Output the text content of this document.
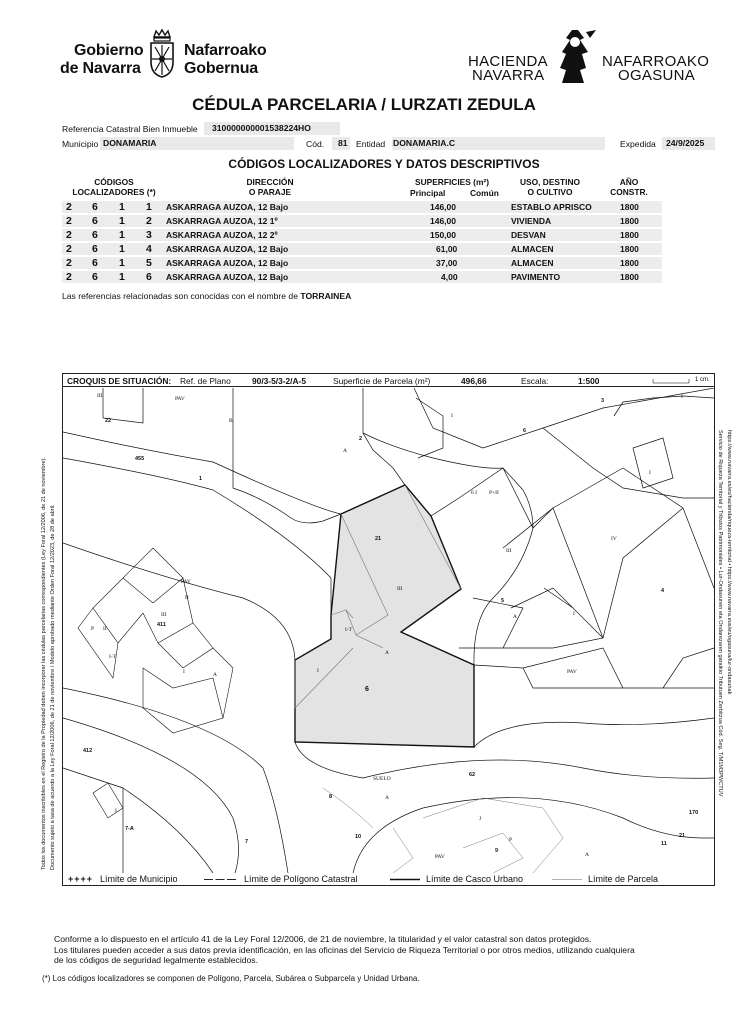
Gobierno
de Navarra
Nafarroako
Gobernua	HACIENDA
NAVARRA
NAFARROAKO
OGASUNA
CÉDULA PARCELARIA / LURZATI ZEDULA
Referencia Catastral Bien Inmueble 310000000001538224HO
Municipio DONAMARIA	Cód. 81 Entidad DONAMARIA.C	Expedida 24/9/2025
CÓDIGOS LOCALIZADORES Y DATOS DESCRIPTIVOS
CÓDIGOS
LOCALIZADORES (*)
DIRECCIÓN
O PARAJE
SUPERFICIES (m²)
Principal	Común
USO, DESTINO
O CULTIVO
AÑO
CONSTR.
2 6 1 1 ASKARRAGA AUZOA, 12 Bajo	146,00	ESTABLO APRISCO	1800
2 6 1 2 ASKARRAGA AUZOA, 12 1º	146,00	VIVIENDA	1800
2 6 1 3 ASKARRAGA AUZOA, 12 2º	150,00	DESVAN	1800
2 6 1 4 ASKARRAGA AUZOA, 12 Bajo	61,00	ALMACEN	1800
2 6 1 5 ASKARRAGA AUZOA, 12 Bajo	37,00	ALMACEN	1800
2 6 1 6 ASKARRAGA AUZOA, 12 Bajo	4,00	PAVIMENTO	1800
Las referencias relacionadas son conocidas con el nombre de TORRAINEA
Todos los documentos inscribibles en el Registro de la Propiedad deben incorporar las cédulas parcelarias correspondientes (Ley Foral 12/2006, de 21 de noviembre). Documento sujeto a tasa de acuerdo a la Ley Foral 12/2006, de 21 de noviembre / Modelo aprobado mediante Orden Foral 12/2023, de 28 de abril.	Servicio de Riqueza Territorial y Tributos Patrimoniales • Lur-Ondasunen eta Ondarezaren garaikio Tributuen Zerbitzua Cód. Seg. T/M1M3PWCTUV https://www.navarra.es/es/hacienda/riqueza-territorial • https://www.navarra.eus/eu/ogasuna/lur-ondasunak
CROQUIS DE SITUACIÓN: Ref. de Plano	90/3-5/3-2/A-5	Superficie de Parcela (m²)	496,66	Escala:	1:500	1 cm.
III	PAV
22	B
I
3
I
6
2
A
455
1
I
6 I P+II
21
III
III
IV
4
5
A	I
PAV
PAV
II
III
411
P II
I-T
I	A
I-T
A
I
6
412
SUELO
62
8	A
I
7-A
7
10
J
P
PAV
9
A
170
11
21
++++ Límite de Municipio	— — — Límite de Polígono Catastral	Límite de Casco Urbano	Límite de Parcela
Conforme a lo dispuesto en el artículo 41 de la Ley Foral 12/2006, de 21 de noviembre, la titularidad y el valor catastral son datos protegidos.
Los titulares pueden acceder a sus datos previa identificación, en las oficinas del Servicio de Riqueza Territorial o por otros medios, utilizando cualquiera
de los códigos de seguridad legalmente establecidos.
(*) Los códigos localizadores se componen de Polígono, Parcela, Subárea o Subparcela y Unidad Urbana.
